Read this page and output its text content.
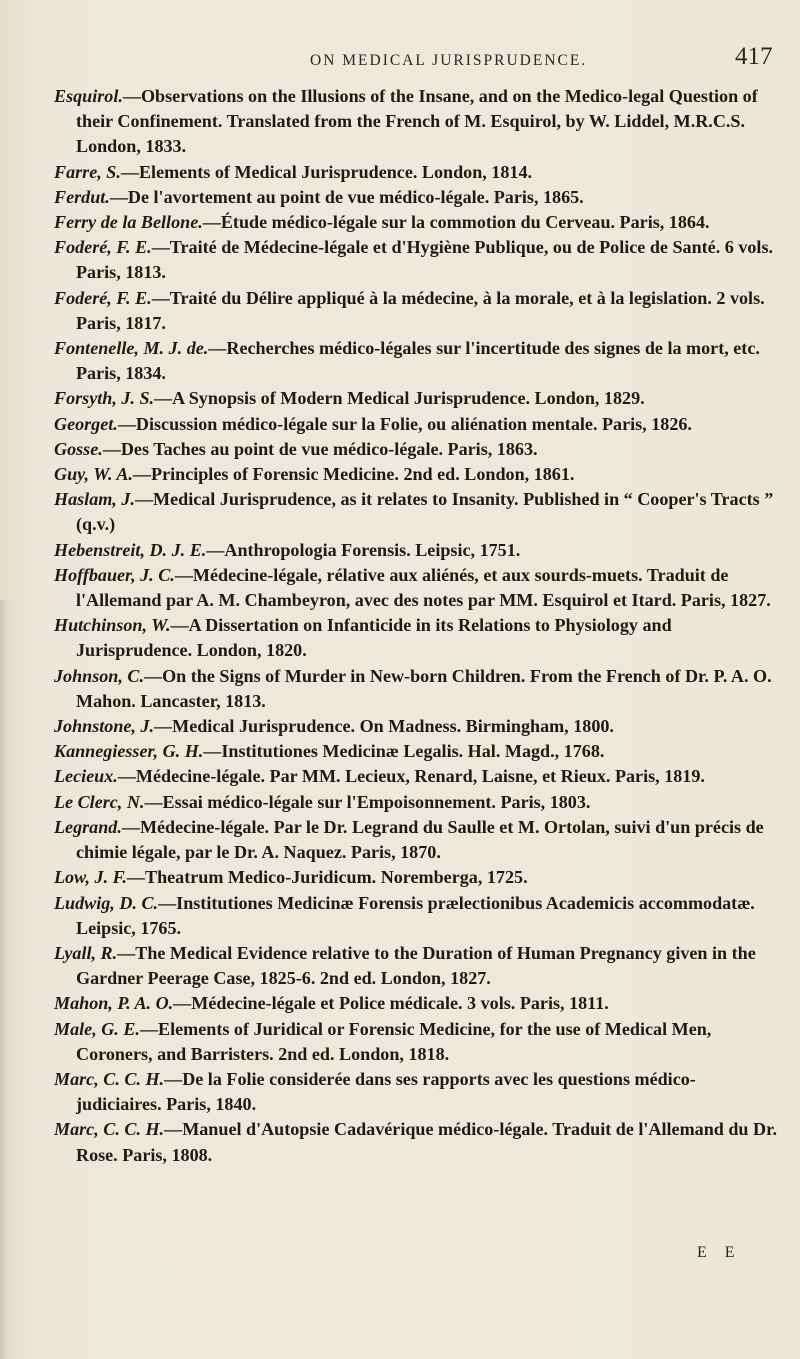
ON MEDICAL JURISPRUDENCE.	417
Esquirol.—Observations on the Illusions of the Insane, and on the Medico-legal Question of their Confinement. Translated from the French of M. Esquirol, by W. Liddel, M.R.C.S. London, 1833.
Farre, S.—Elements of Medical Jurisprudence. London, 1814.
Ferdut.—De l'avortement au point de vue médico-légale. Paris, 1865.
Ferry de la Bellone.—Étude médico-légale sur la commotion du Cerveau. Paris, 1864.
Foderé, F. E.—Traité de Médecine-légale et d'Hygiène Publique, ou de Police de Santé. 6 vols. Paris, 1813.
Foderé, F. E.—Traité du Délire appliqué à la médecine, à la morale, et à la legislation. 2 vols. Paris, 1817.
Fontenelle, M. J. de.—Recherches médico-légales sur l'incertitude des signes de la mort, etc. Paris, 1834.
Forsyth, J. S.—A Synopsis of Modern Medical Jurisprudence. London, 1829.
Georget.—Discussion médico-légale sur la Folie, ou aliénation mentale. Paris, 1826.
Gosse.—Des Taches au point de vue médico-légale. Paris, 1863.
Guy, W. A.—Principles of Forensic Medicine. 2nd ed. London, 1861.
Haslam, J.—Medical Jurisprudence, as it relates to Insanity. Published in “ Cooper's Tracts ” (q.v.)
Hebenstreit, D. J. E.—Anthropologia Forensis. Leipsic, 1751.
Hoffbauer, J. C.—Médecine-légale, rélative aux aliénés, et aux sourds-muets. Traduit de l'Allemand par A. M. Chambeyron, avec des notes par MM. Esquirol et Itard. Paris, 1827.
Hutchinson, W.—A Dissertation on Infanticide in its Relations to Physiology and Jurisprudence. London, 1820.
Johnson, C.—On the Signs of Murder in New-born Children. From the French of Dr. P. A. O. Mahon. Lancaster, 1813.
Johnstone, J.—Medical Jurisprudence. On Madness. Birmingham, 1800.
Kannegiesser, G. H.—Institutiones Medicinæ Legalis. Hal. Magd., 1768.
Lecieux.—Médecine-légale. Par MM. Lecieux, Renard, Laisne, et Rieux. Paris, 1819.
Le Clerc, N.—Essai médico-légale sur l'Empoisonnement. Paris, 1803.
Legrand.—Médecine-légale. Par le Dr. Legrand du Saulle et M. Ortolan, suivi d'un précis de chimie légale, par le Dr. A. Naquez. Paris, 1870.
Low, J. F.—Theatrum Medico-Juridicum. Noremberga, 1725.
Ludwig, D. C.—Institutiones Medicinæ Forensis prælectionibus Academicis accommodatæ. Leipsic, 1765.
Lyall, R.—The Medical Evidence relative to the Duration of Human Pregnancy given in the Gardner Peerage Case, 1825-6. 2nd ed. London, 1827.
Mahon, P. A. O.—Médecine-légale et Police médicale. 3 vols. Paris, 1811.
Male, G. E.—Elements of Juridical or Forensic Medicine, for the use of Medical Men, Coroners, and Barristers. 2nd ed. London, 1818.
Marc, C. C. H.—De la Folie considerée dans ses rapports avec les questions médico-judiciaires. Paris, 1840.
Marc, C. C. H.—Manuel d'Autopsie Cadavérique médico-légale. Traduit de l'Allemand du Dr. Rose. Paris, 1808.
E E
